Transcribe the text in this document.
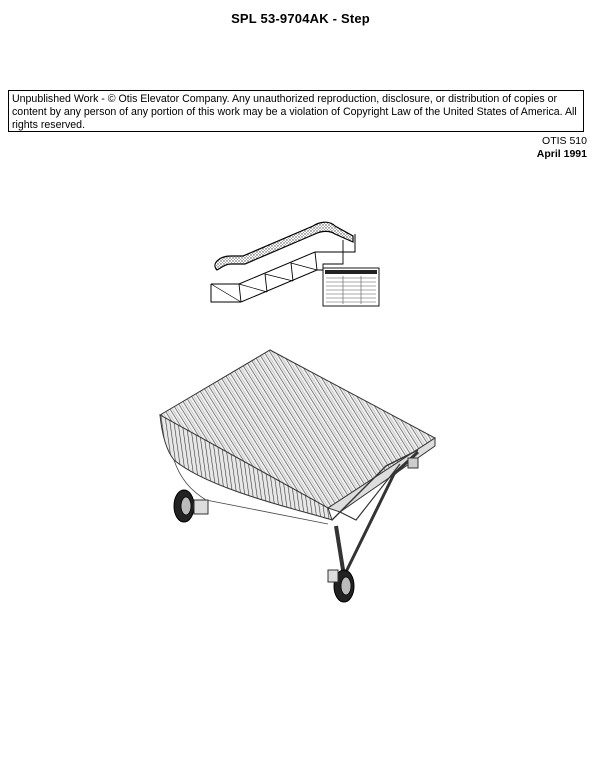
SPL 53-9704AK - Step
Unpublished Work - © Otis Elevator Company. Any unauthorized reproduction, disclosure, or distribution of copies or content by any person of any portion of this work may be a violation of Copyright Law of the United States of America. All rights reserved.
OTIS 510
April 1991
